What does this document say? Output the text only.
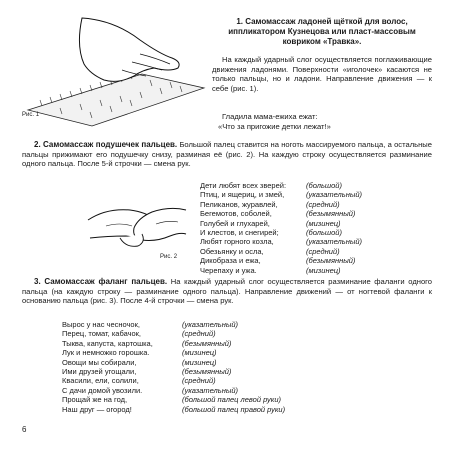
Рис. 1
1. Самомассаж ладоней щёткой для волос, иппликатором Кузнецова или пласт-массовым ковриком «Травка».
На каждый ударный слог осуществляется поглаживающие движения ладонями. Поверхности «иголочек» касаются не только пальцы, но и ладони. Направление движения — к себе (рис. 1).
Гладила мама-ежиха ежат:
«Что за пригожие детки лежат!»
2. Самомассаж подушечек пальцев. Большой палец ставится на ноготь массируемого пальца, а остальные пальцы прижимают его подушечку снизу, разминая её (рис. 2). На каждую строку осуществляется разминание одного пальца. После 5-й строчки — смена рук.
Рис. 2
Дети любят всех зверей:	(большой)
Птиц, и ящериц, и змей,	(указательный)
Пеликанов, журавлей,	(средний)
Бегемотов, соболей,	(безымянный)
Голубей и глухарей,	(мизинец)
И клестов, и снегирей;	(большой)
Любят горного козла,	(указательный)
Обезьянку и осла,	(средний)
Дикобраза и ежа,	(безымянный)
Черепаху и ужа.	(мизинец)
3. Самомассаж фаланг пальцев. На каждый ударный слог осуществляется разминание фаланги одного пальца (на каждую строку — разминание одного пальца). Направление движений — от ногтевой фаланги к основанию пальца (рис. 3). После 4-й строчки — смена рук.
Вырос у нас чесночок,	(указательный)
Перец, томат, кабачок,	(средний)
Тыква, капуста, картошка,	(безымянный)
Лук и немножко горошка.	(мизинец)
Овощи мы собирали,	(мизинец)
Ими друзей угощали,	(безымянный)
Квасили, ели, солили,	(средний)
С дачи домой увозили.	(указательный)
Прощай же на год,	(большой палец левой руки)
Наш друг — огород!	(большой палец правой руки)
6
